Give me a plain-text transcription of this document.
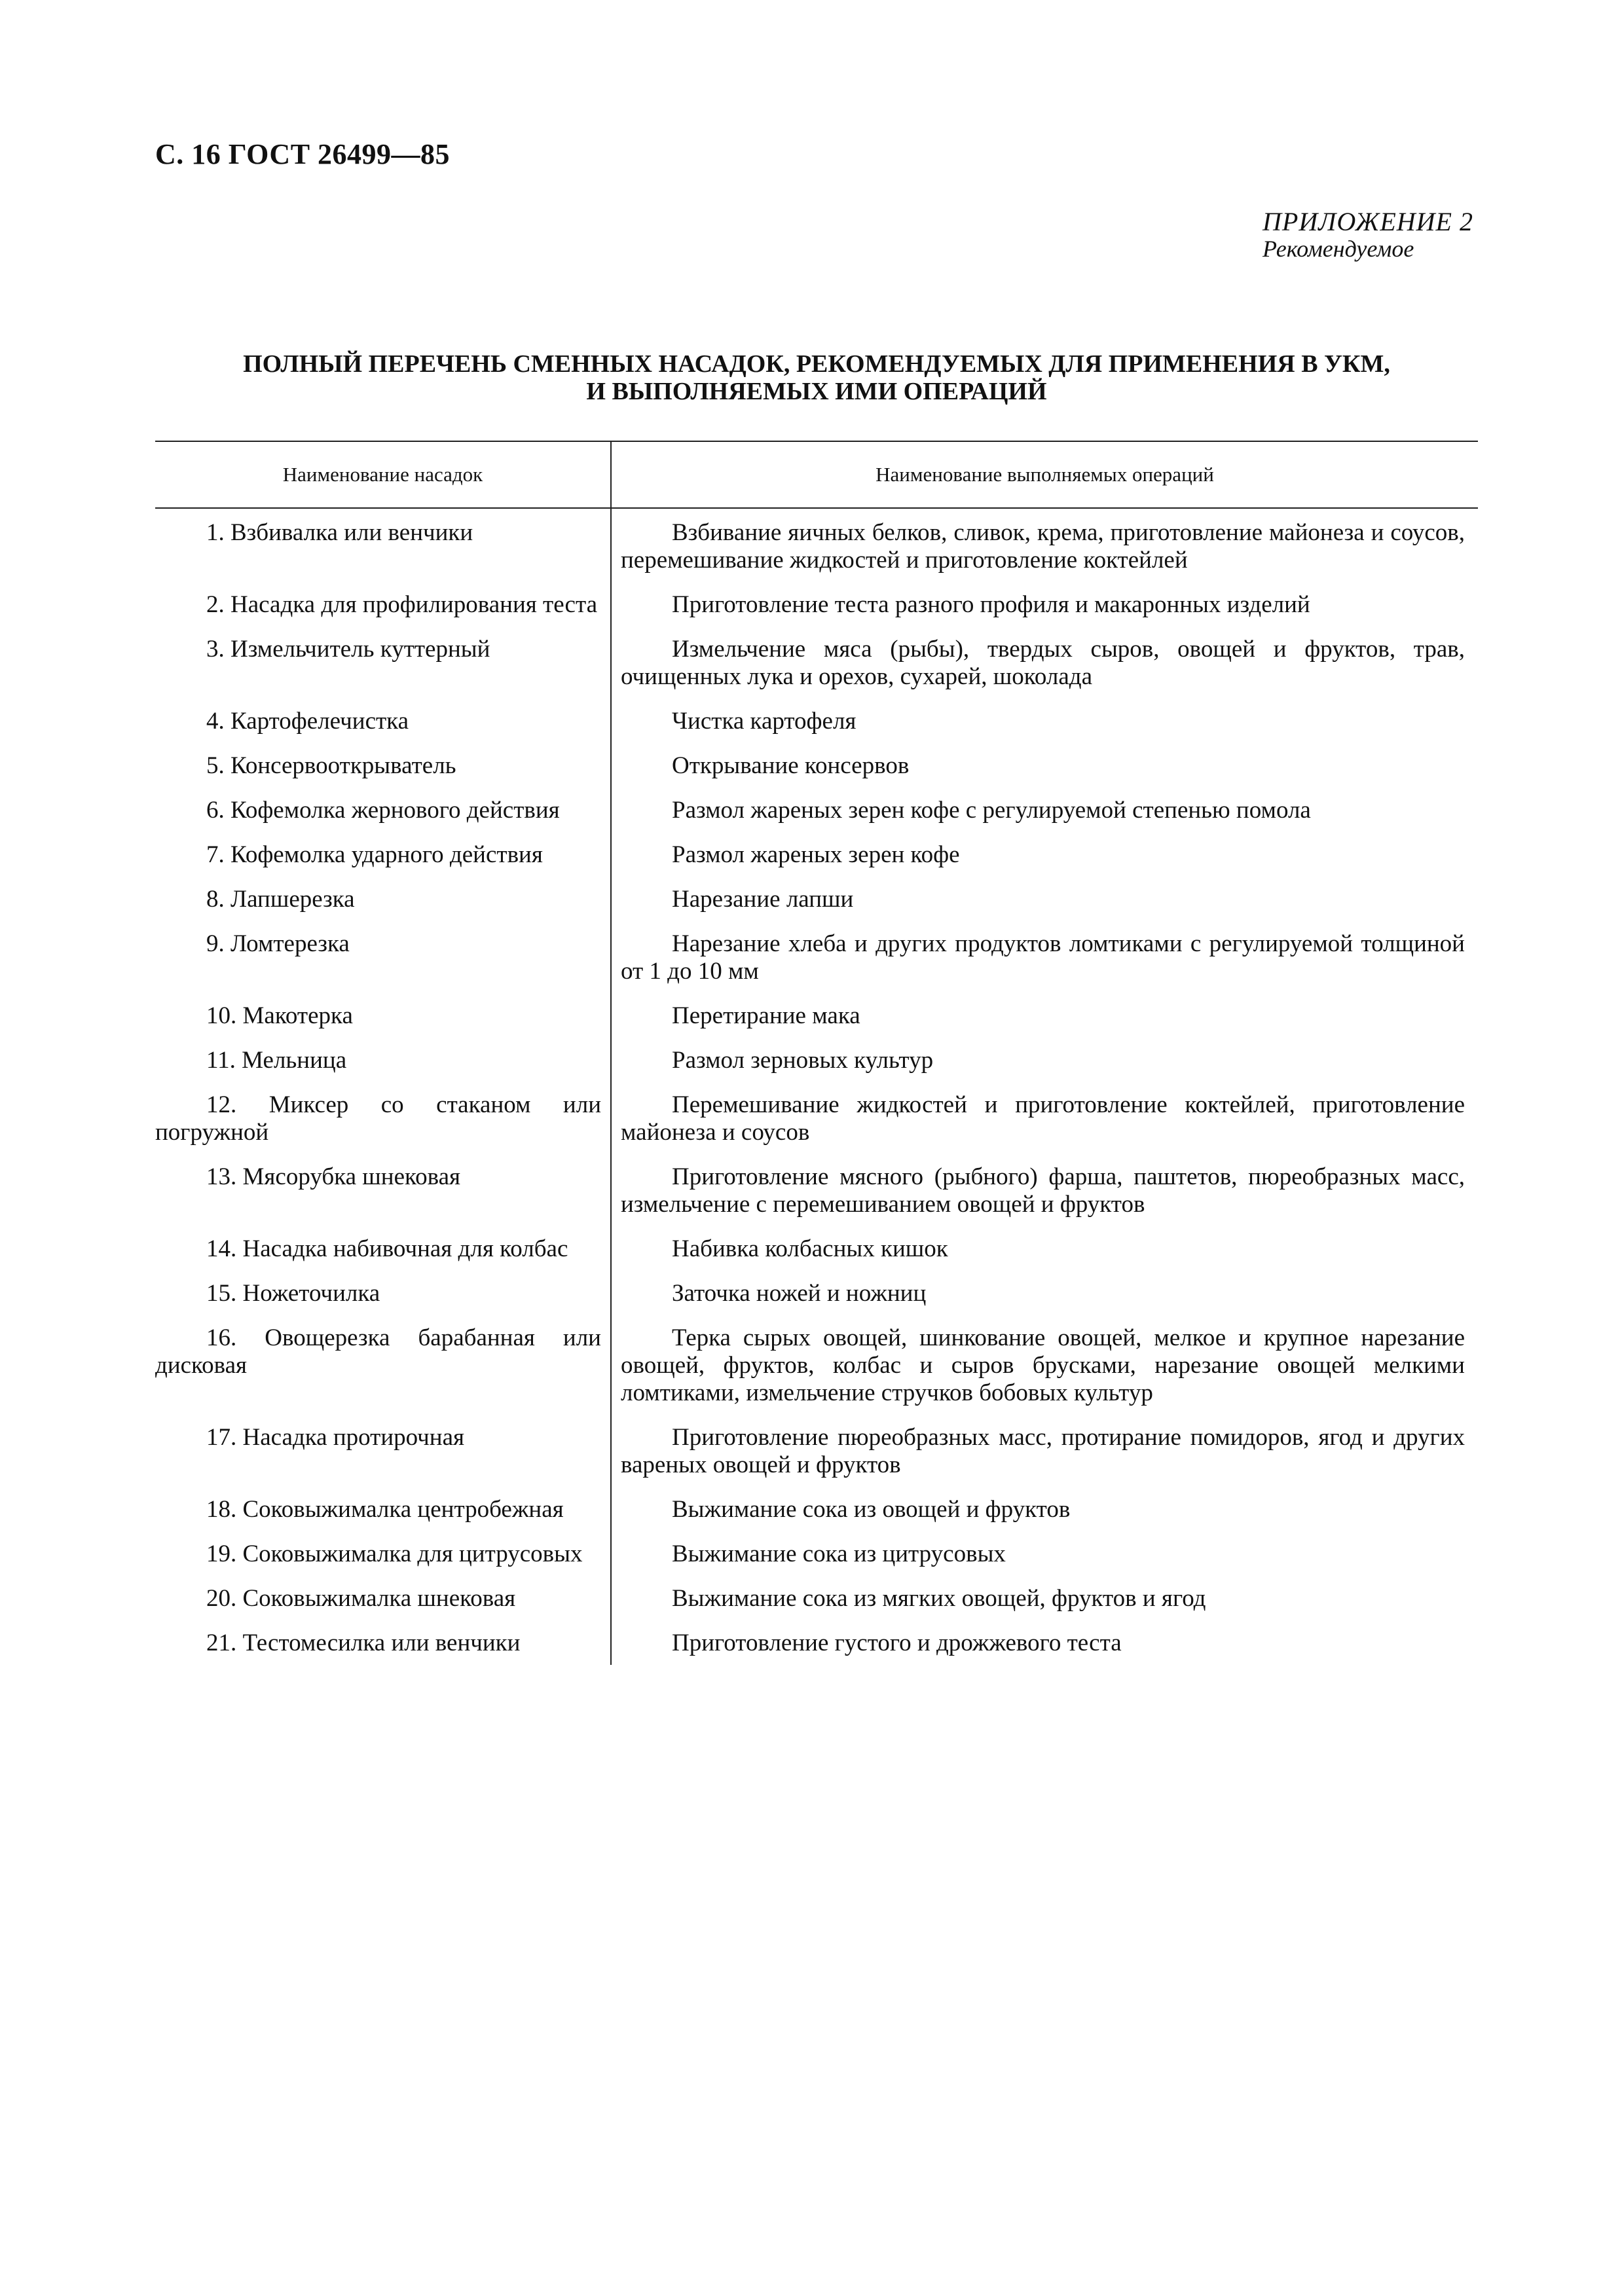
С. 16 ГОСТ 26499—85
ПРИЛОЖЕНИЕ 2
Рекомендуемое
ПОЛНЫЙ ПЕРЕЧЕНЬ СМЕННЫХ НАСАДОК, РЕКОМЕНДУЕМЫХ ДЛЯ ПРИМЕНЕНИЯ В УКМ,
И ВЫПОЛНЯЕМЫХ ИМИ ОПЕРАЦИЙ
Наименование насадок	Наименование выполняемых операций

1. Взбивалка или венчики	Взбивание яичных белков, сливок, крема, приготовление майонеза и соусов, перемешивание жидкостей и приготовление коктейлей

2. Насадка для профилирования теста	Приготовление теста разного профиля и макаронных изделий

3. Измельчитель куттерный	Измельчение мяса (рыбы), твердых сыров, овощей и фруктов, трав, очищенных лука и орехов, сухарей, шоколада

4. Картофелечистка	Чистка картофеля

5. Консервооткрыватель	Открывание консервов

6. Кофемолка жернового действия	Размол жареных зерен кофе с регулируемой степенью помола

7. Кофемолка ударного действия	Размол жареных зерен кофе

8. Лапшерезка	Нарезание лапши

9. Ломтерезка	Нарезание хлеба и других продуктов ломтиками с регулируемой толщиной от 1 до 10 мм

10. Макотерка	Перетирание мака

11. Мельница	Размол зерновых культур

12. Миксер со стаканом или погружной	Перемешивание жидкостей и приготовление коктейлей, приготовление майонеза и соусов

13. Мясорубка шнековая	Приготовление мясного (рыбного) фарша, паштетов, пюреобразных масс, измельчение с перемешиванием овощей и фруктов

14. Насадка набивочная для колбас	Набивка колбасных кишок

15. Ножеточилка	Заточка ножей и ножниц

16. Овощерезка барабанная или дисковая	Терка сырых овощей, шинкование овощей, мелкое и крупное нарезание овощей, фруктов, колбас и сыров брусками, нарезание овощей мелкими ломтиками, измельчение стручков бобовых культур

17. Насадка протирочная	Приготовление пюреобразных масс, протирание помидоров, ягод и других вареных овощей и фруктов

18. Соковыжималка центробежная	Выжимание сока из овощей и фруктов

19. Соковыжималка для цитрусовых	Выжимание сока из цитрусовых

20. Соковыжималка шнековая	Выжимание сока из мягких овощей, фруктов и ягод

21. Тестомесилка или венчики	Приготовление густого и дрожжевого теста
